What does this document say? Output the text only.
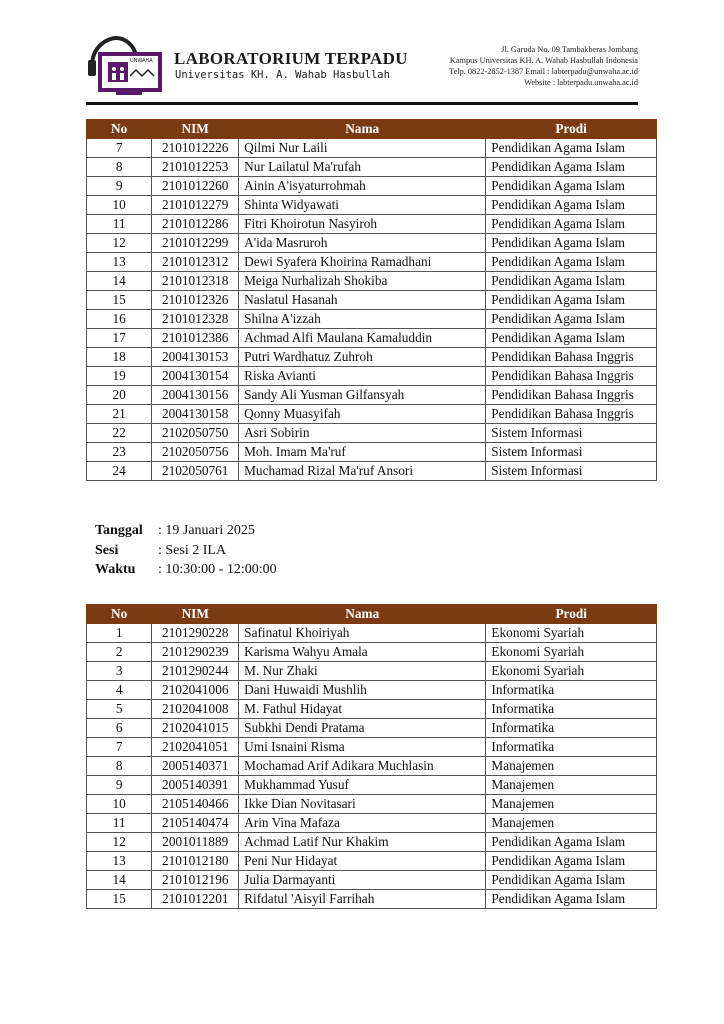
UNWAHA LABORATORIUM TERPADU
Universitas KH. A. Wahab Hasbullah
Jl. Garuda No. 09 Tambakberas Jombang
Kampus Universitas KH. A. Wahab Hasbullah Indonesia
Telp. 0822-2852-1387 Email : labterpadu@unwaha.ac.id
Website : labterpadu.unwaha.ac.id
No	NIM	Nama	Prodi
7	2101012226	Qilmi Nur Laili	Pendidikan Agama Islam
8	2101012253	Nur Lailatul Ma'rufah	Pendidikan Agama Islam
9	2101012260	Ainin A'isyaturrohmah	Pendidikan Agama Islam
10	2101012279	Shinta Widyawati	Pendidikan Agama Islam
11	2101012286	Fitri Khoirotun Nasyiroh	Pendidikan Agama Islam
12	2101012299	A'ida Masruroh	Pendidikan Agama Islam
13	2101012312	Dewi Syafera Khoirina Ramadhani	Pendidikan Agama Islam
14	2101012318	Meiga Nurhalizah Shokiba	Pendidikan Agama Islam
15	2101012326	Naslatul Hasanah	Pendidikan Agama Islam
16	2101012328	Shilna A'izzah	Pendidikan Agama Islam
17	2101012386	Achmad Alfi Maulana Kamaluddin	Pendidikan Agama Islam
18	2004130153	Putri Wardhatuz Zuhroh	Pendidikan Bahasa Inggris
19	2004130154	Riska Avianti	Pendidikan Bahasa Inggris
20	2004130156	Sandy Ali Yusman Gilfansyah	Pendidikan Bahasa Inggris
21	2004130158	Qonny Muasyifah	Pendidikan Bahasa Inggris
22	2102050750	Asri Sobirin	Sistem Informasi
23	2102050756	Moh. Imam Ma'ruf	Sistem Informasi
24	2102050761	Muchamad Rizal Ma'ruf Ansori	Sistem Informasi
Tanggal : 19 Januari 2025
Sesi	: Sesi 2 ILA
Waktu : 10:30:00 - 12:00:00
No	NIM	Nama	Prodi
1	2101290228	Safinatul Khoiriyah	Ekonomi Syariah
2	2101290239	Karisma Wahyu Amala	Ekonomi Syariah
3	2101290244	M. Nur Zhaki	Ekonomi Syariah
4	2102041006	Dani Huwaidi Mushlih	Informatika
5	2102041008	M. Fathul Hidayat	Informatika
6	2102041015	Subkhi Dendi Pratama	Informatika
7	2102041051	Umi Isnaini Risma	Informatika
8	2005140371	Mochamad Arif Adikara Muchlasin	Manajemen
9	2005140391	Mukhammad Yusuf	Manajemen
10	2105140466	Ikke Dian Novitasari	Manajemen
11	2105140474	Arin Vina Mafaza	Manajemen
12	2001011889	Achmad Latif Nur Khakim	Pendidikan Agama Islam
13	2101012180	Peni Nur Hidayat	Pendidikan Agama Islam
14	2101012196	Julia Darmayanti	Pendidikan Agama Islam
15	2101012201	Rifdatul 'Aisyil Farrihah	Pendidikan Agama Islam
